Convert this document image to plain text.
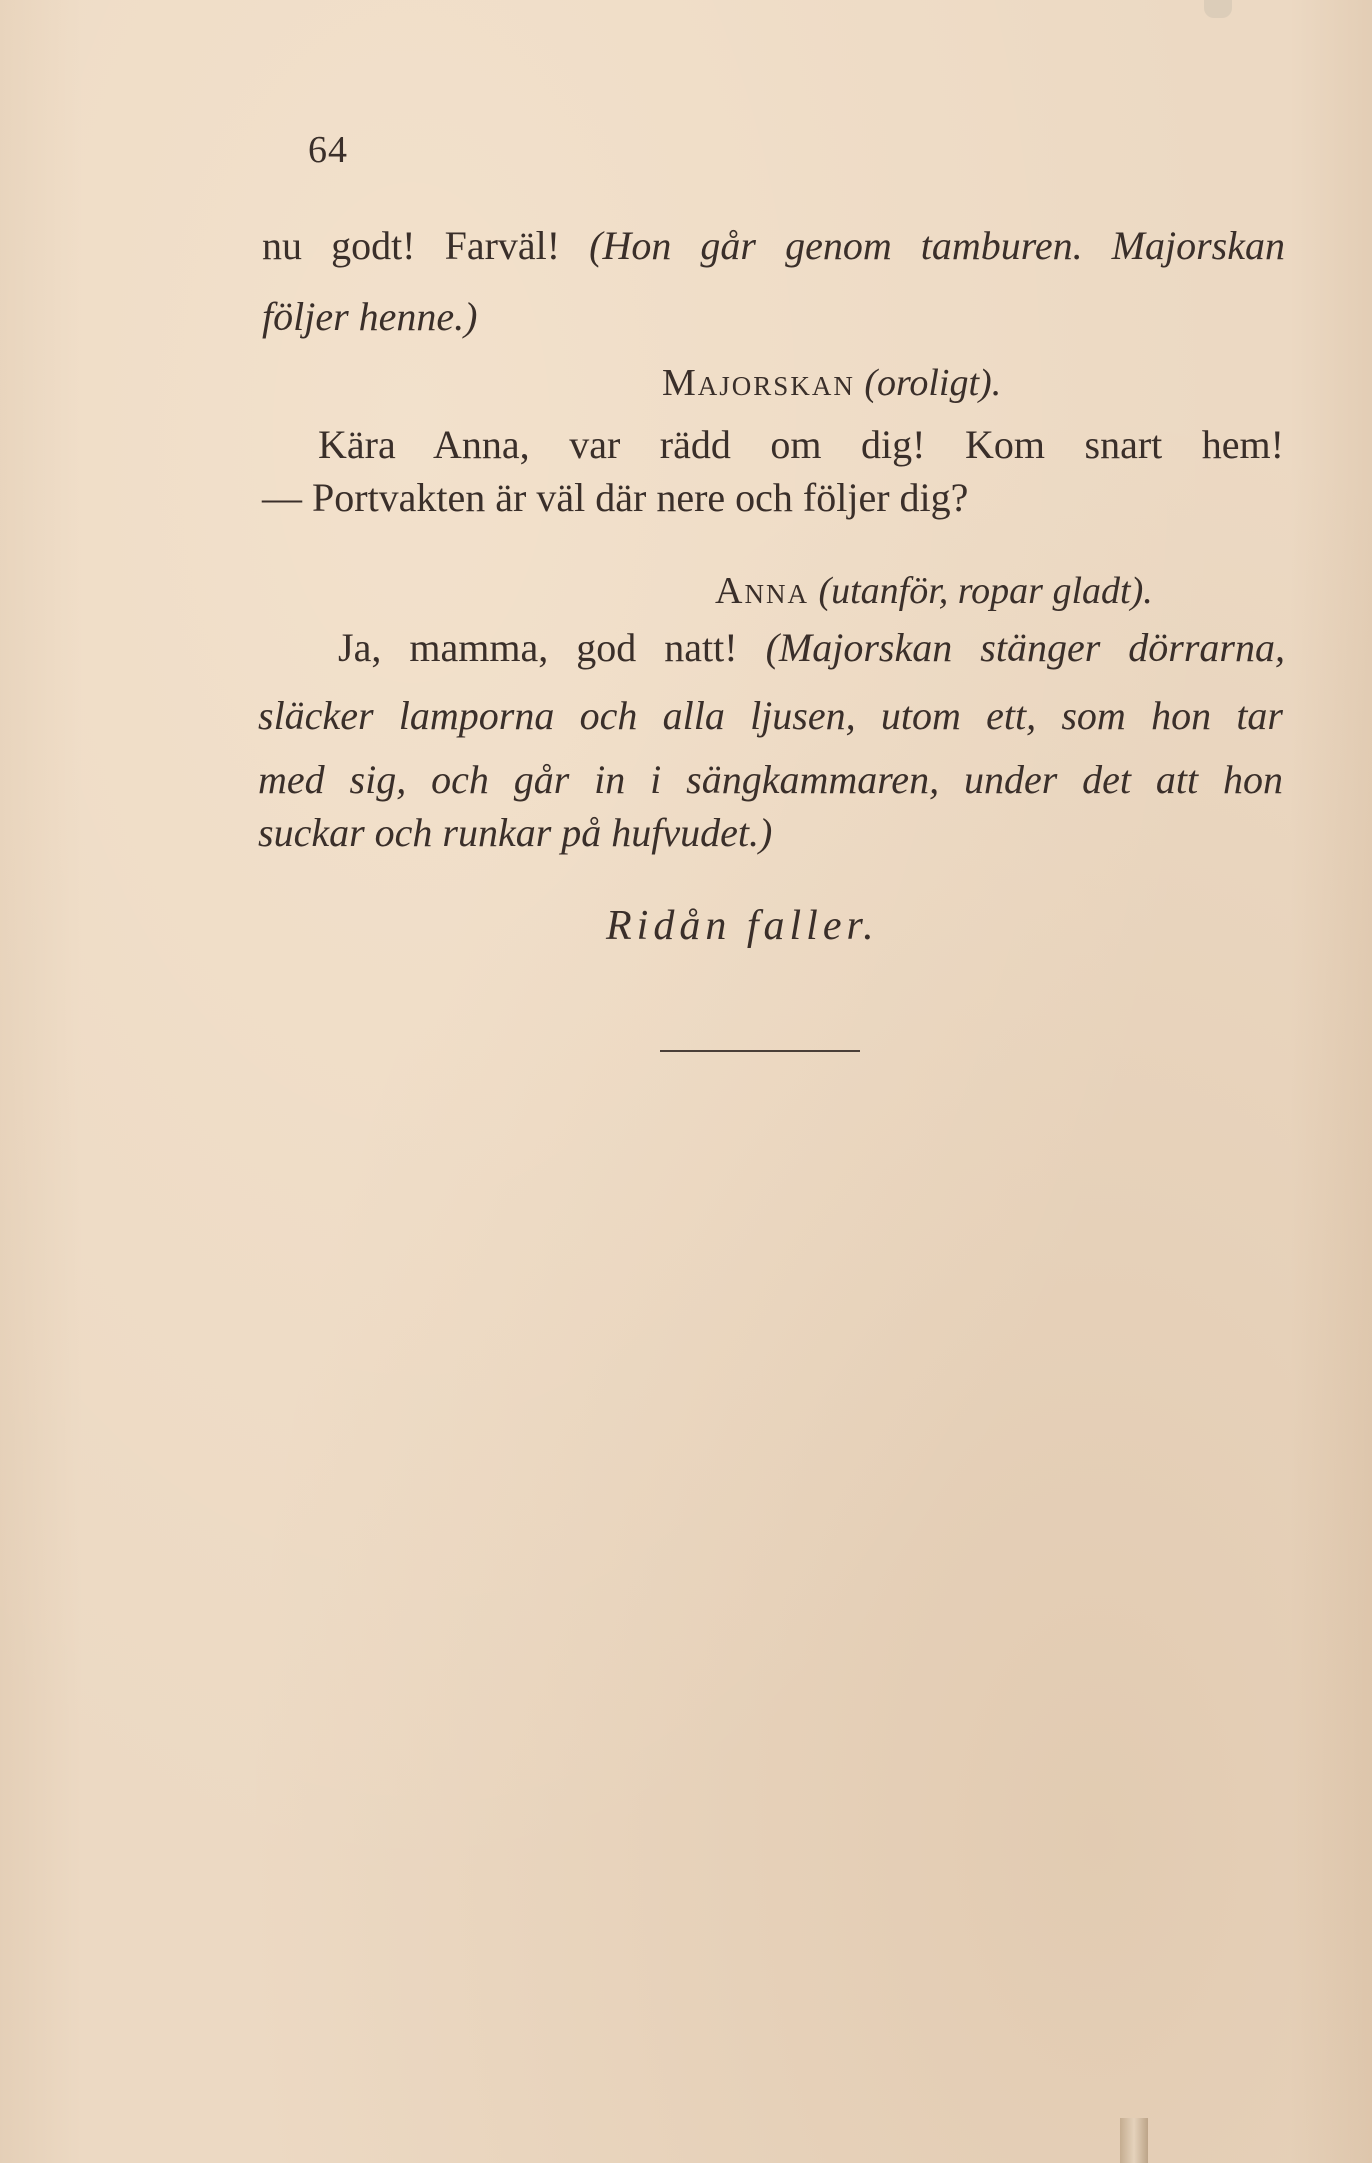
64
nu godt! Farväl! (Hon går genom tamburen. Majorskan
följer henne.)
Majorskan (oroligt).
Kära Anna, var rädd om dig! Kom snart hem!
— Portvakten är väl där nere och följer dig?
Anna (utanför, ropar gladt).
Ja, mamma, god natt! (Majorskan stänger dörrarna,
släcker lamporna och alla ljusen, utom ett, som hon tar
med sig, och går in i sängkammaren, under det att hon
suckar och runkar på hufvudet.)
Ridån faller.
